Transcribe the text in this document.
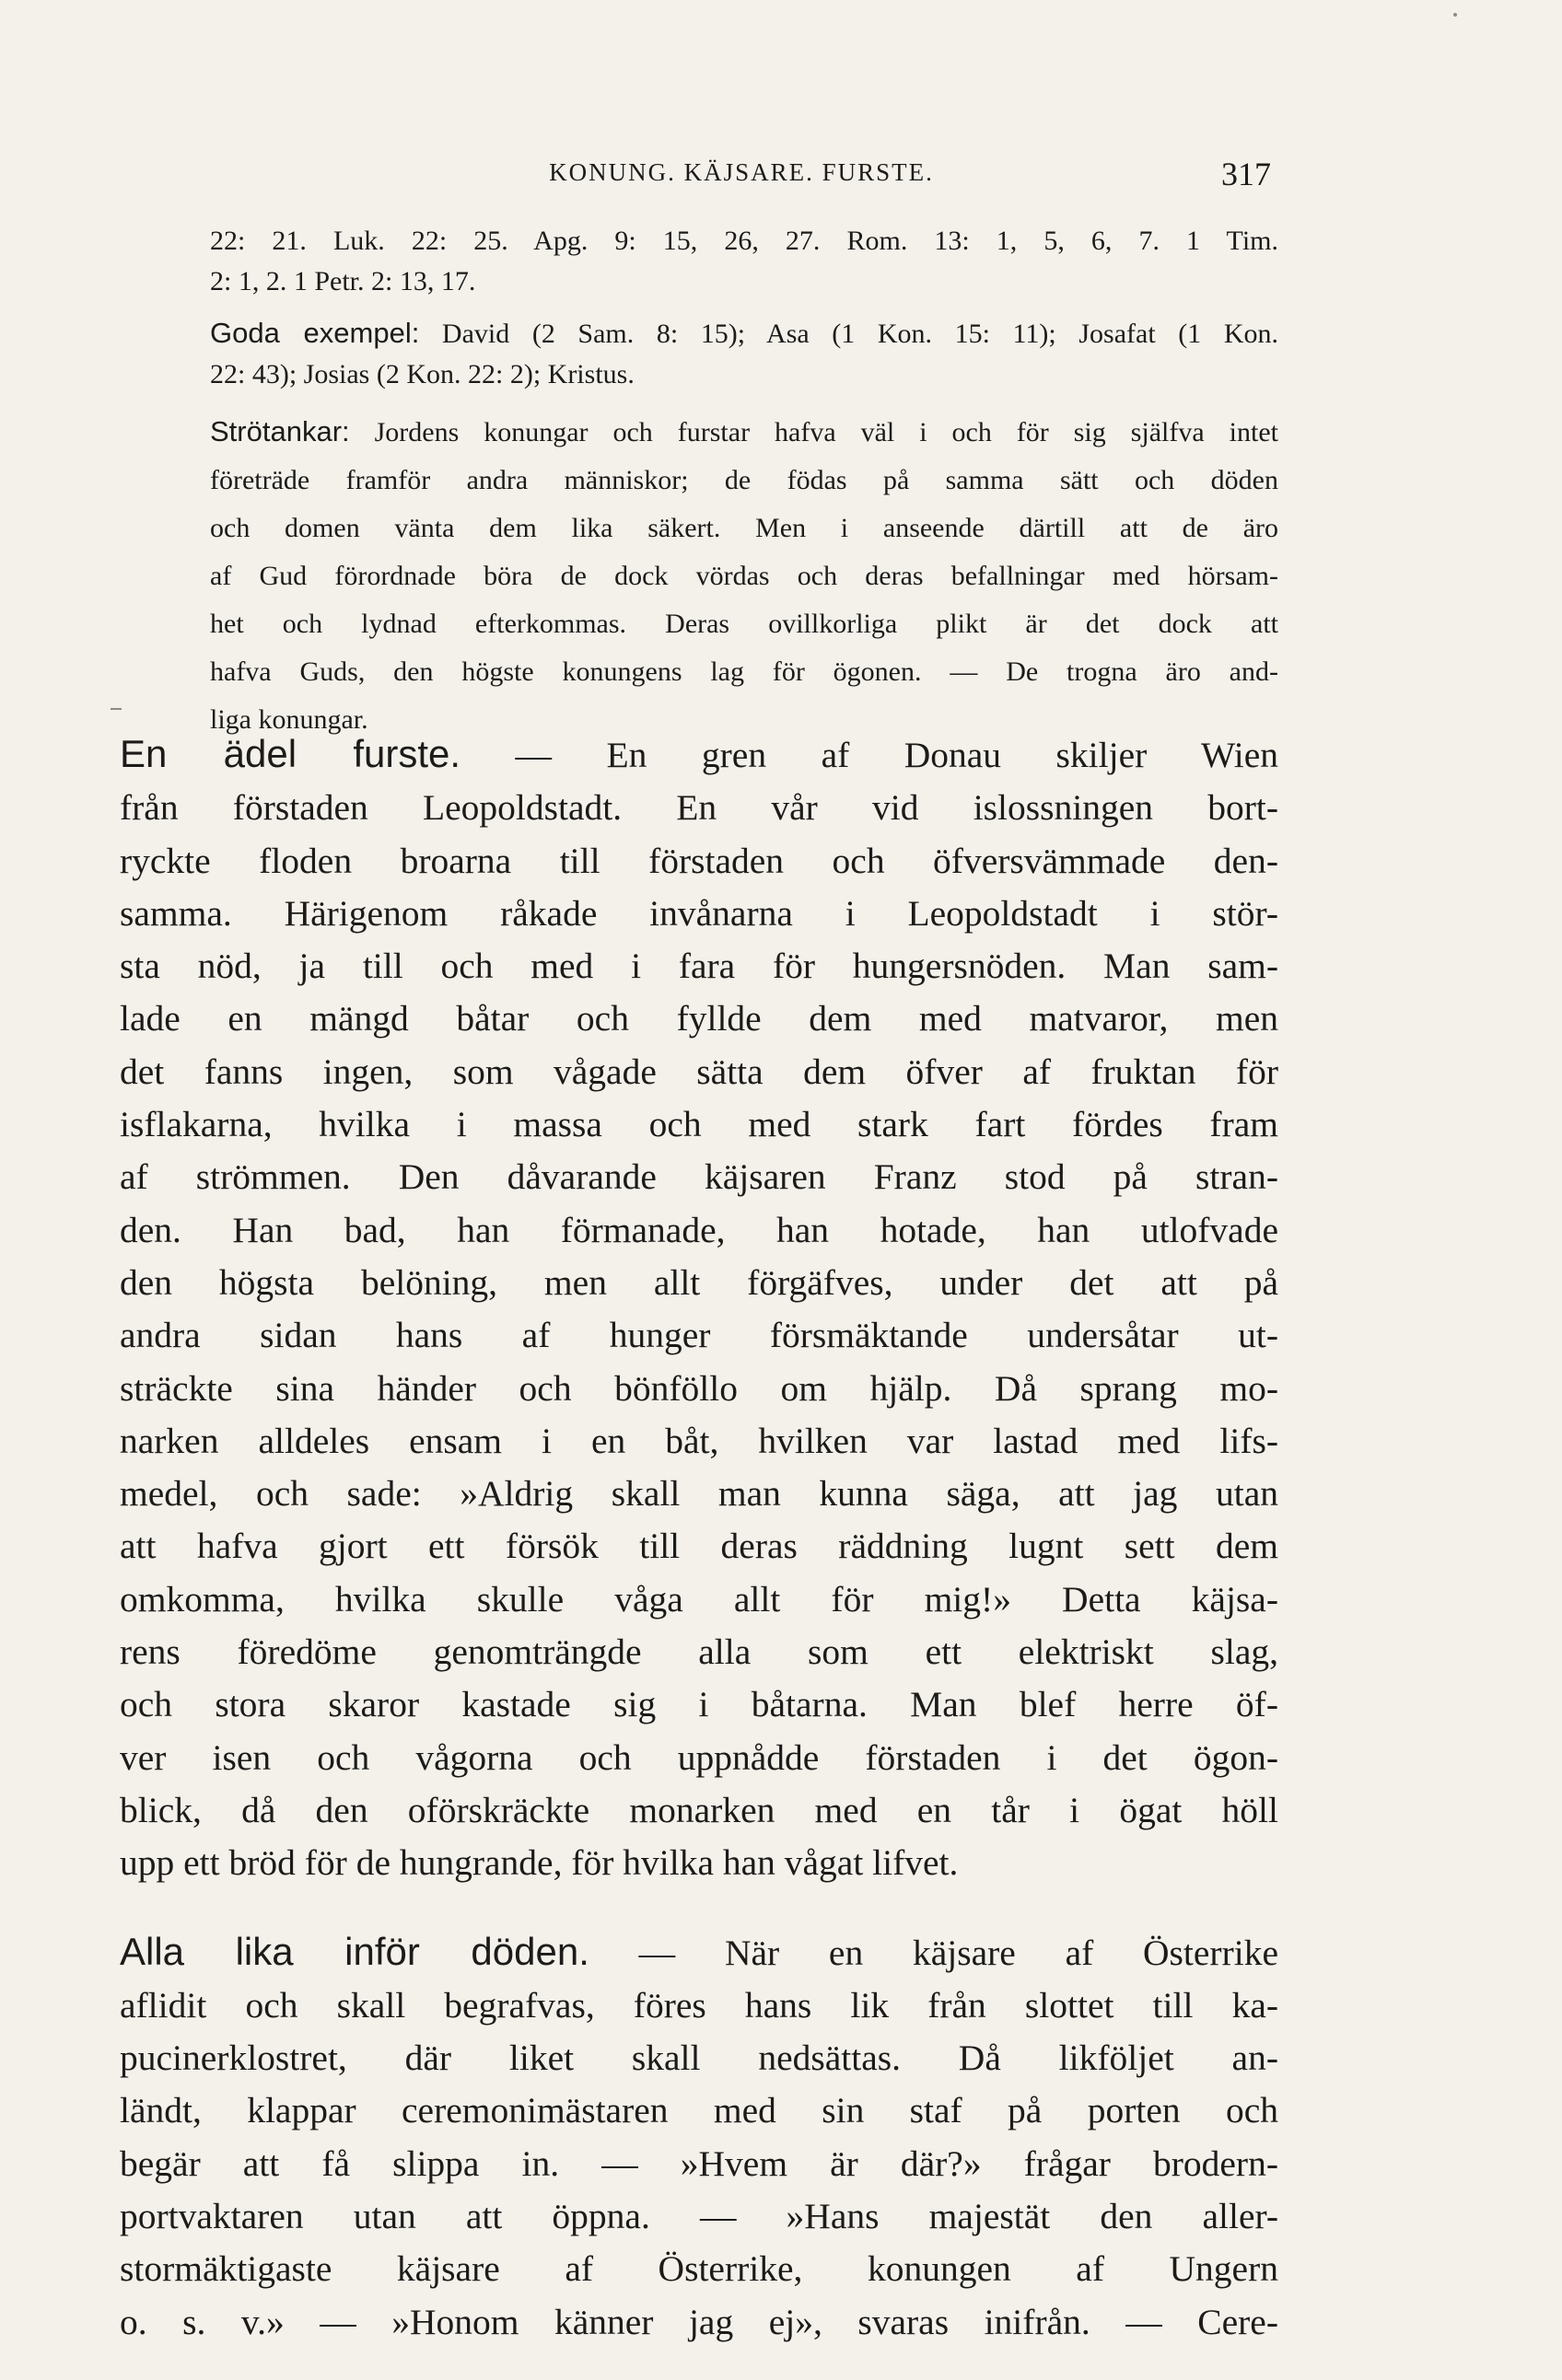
KONUNG. KÄJSARE. FURSTE.	317
22: 21. Luk. 22: 25. Apg. 9: 15, 26, 27. Rom. 13: 1, 5, 6, 7. 1 Tim.
2: 1, 2. 1 Petr. 2: 13, 17.
Goda exempel: David (2 Sam. 8: 15); Asa (1 Kon. 15: 11); Josafat (1 Kon.
22: 43); Josias (2 Kon. 22: 2); Kristus.
Strötankar: Jordens konungar och furstar hafva väl i och för sig själfva intet
företräde framför andra människor; de födas på samma sätt och döden
och domen vänta dem lika säkert. Men i anseende därtill att de äro
af Gud förordnade böra de dock vördas och deras befallningar med hörsam-
het och lydnad efterkommas. Deras ovillkorliga plikt är det dock att
hafva Guds, den högste konungens lag för ögonen. — De trogna äro and-
liga konungar.
En ädel furste. — En gren af Donau skiljer Wien
från förstaden Leopoldstadt. En vår vid islossningen bort-
ryckte floden broarna till förstaden och öfversvämmade den-
samma. Härigenom råkade invånarna i Leopoldstadt i stör-
sta nöd, ja till och med i fara för hungersnöden. Man sam-
lade en mängd båtar och fyllde dem med matvaror, men
det fanns ingen, som vågade sätta dem öfver af fruktan för
isflakarna, hvilka i massa och med stark fart fördes fram
af strömmen. Den dåvarande käjsaren Franz stod på stran-
den. Han bad, han förmanade, han hotade, han utlofvade
den högsta belöning, men allt förgäfves, under det att på
andra sidan hans af hunger försmäktande undersåtar ut-
sträckte sina händer och bönföllo om hjälp. Då sprang mo-
narken alldeles ensam i en båt, hvilken var lastad med lifs-
medel, och sade: »Aldrig skall man kunna säga, att jag utan
att hafva gjort ett försök till deras räddning lugnt sett dem
omkomma, hvilka skulle våga allt för mig!» Detta käjsa-
rens föredöme genomträngde alla som ett elektriskt slag,
och stora skaror kastade sig i båtarna. Man blef herre öf-
ver isen och vågorna och uppnådde förstaden i det ögon-
blick, då den oförskräckte monarken med en tår i ögat höll
upp ett bröd för de hungrande, för hvilka han vågat lifvet.
Alla lika inför döden. — När en käjsare af Österrike
aflidit och skall begrafvas, föres hans lik från slottet till ka-
pucinerklostret, där liket skall nedsättas. Då likföljet an-
ländt, klappar ceremonimästaren med sin staf på porten och
begär att få slippa in. — »Hvem är där?» frågar brodern-
portvaktaren utan att öppna. — »Hans majestät den aller-
stormäktigaste käjsare af Österrike, konungen af Ungern
o. s. v.» — »Honom känner jag ej», svaras inifrån. — Cere-
